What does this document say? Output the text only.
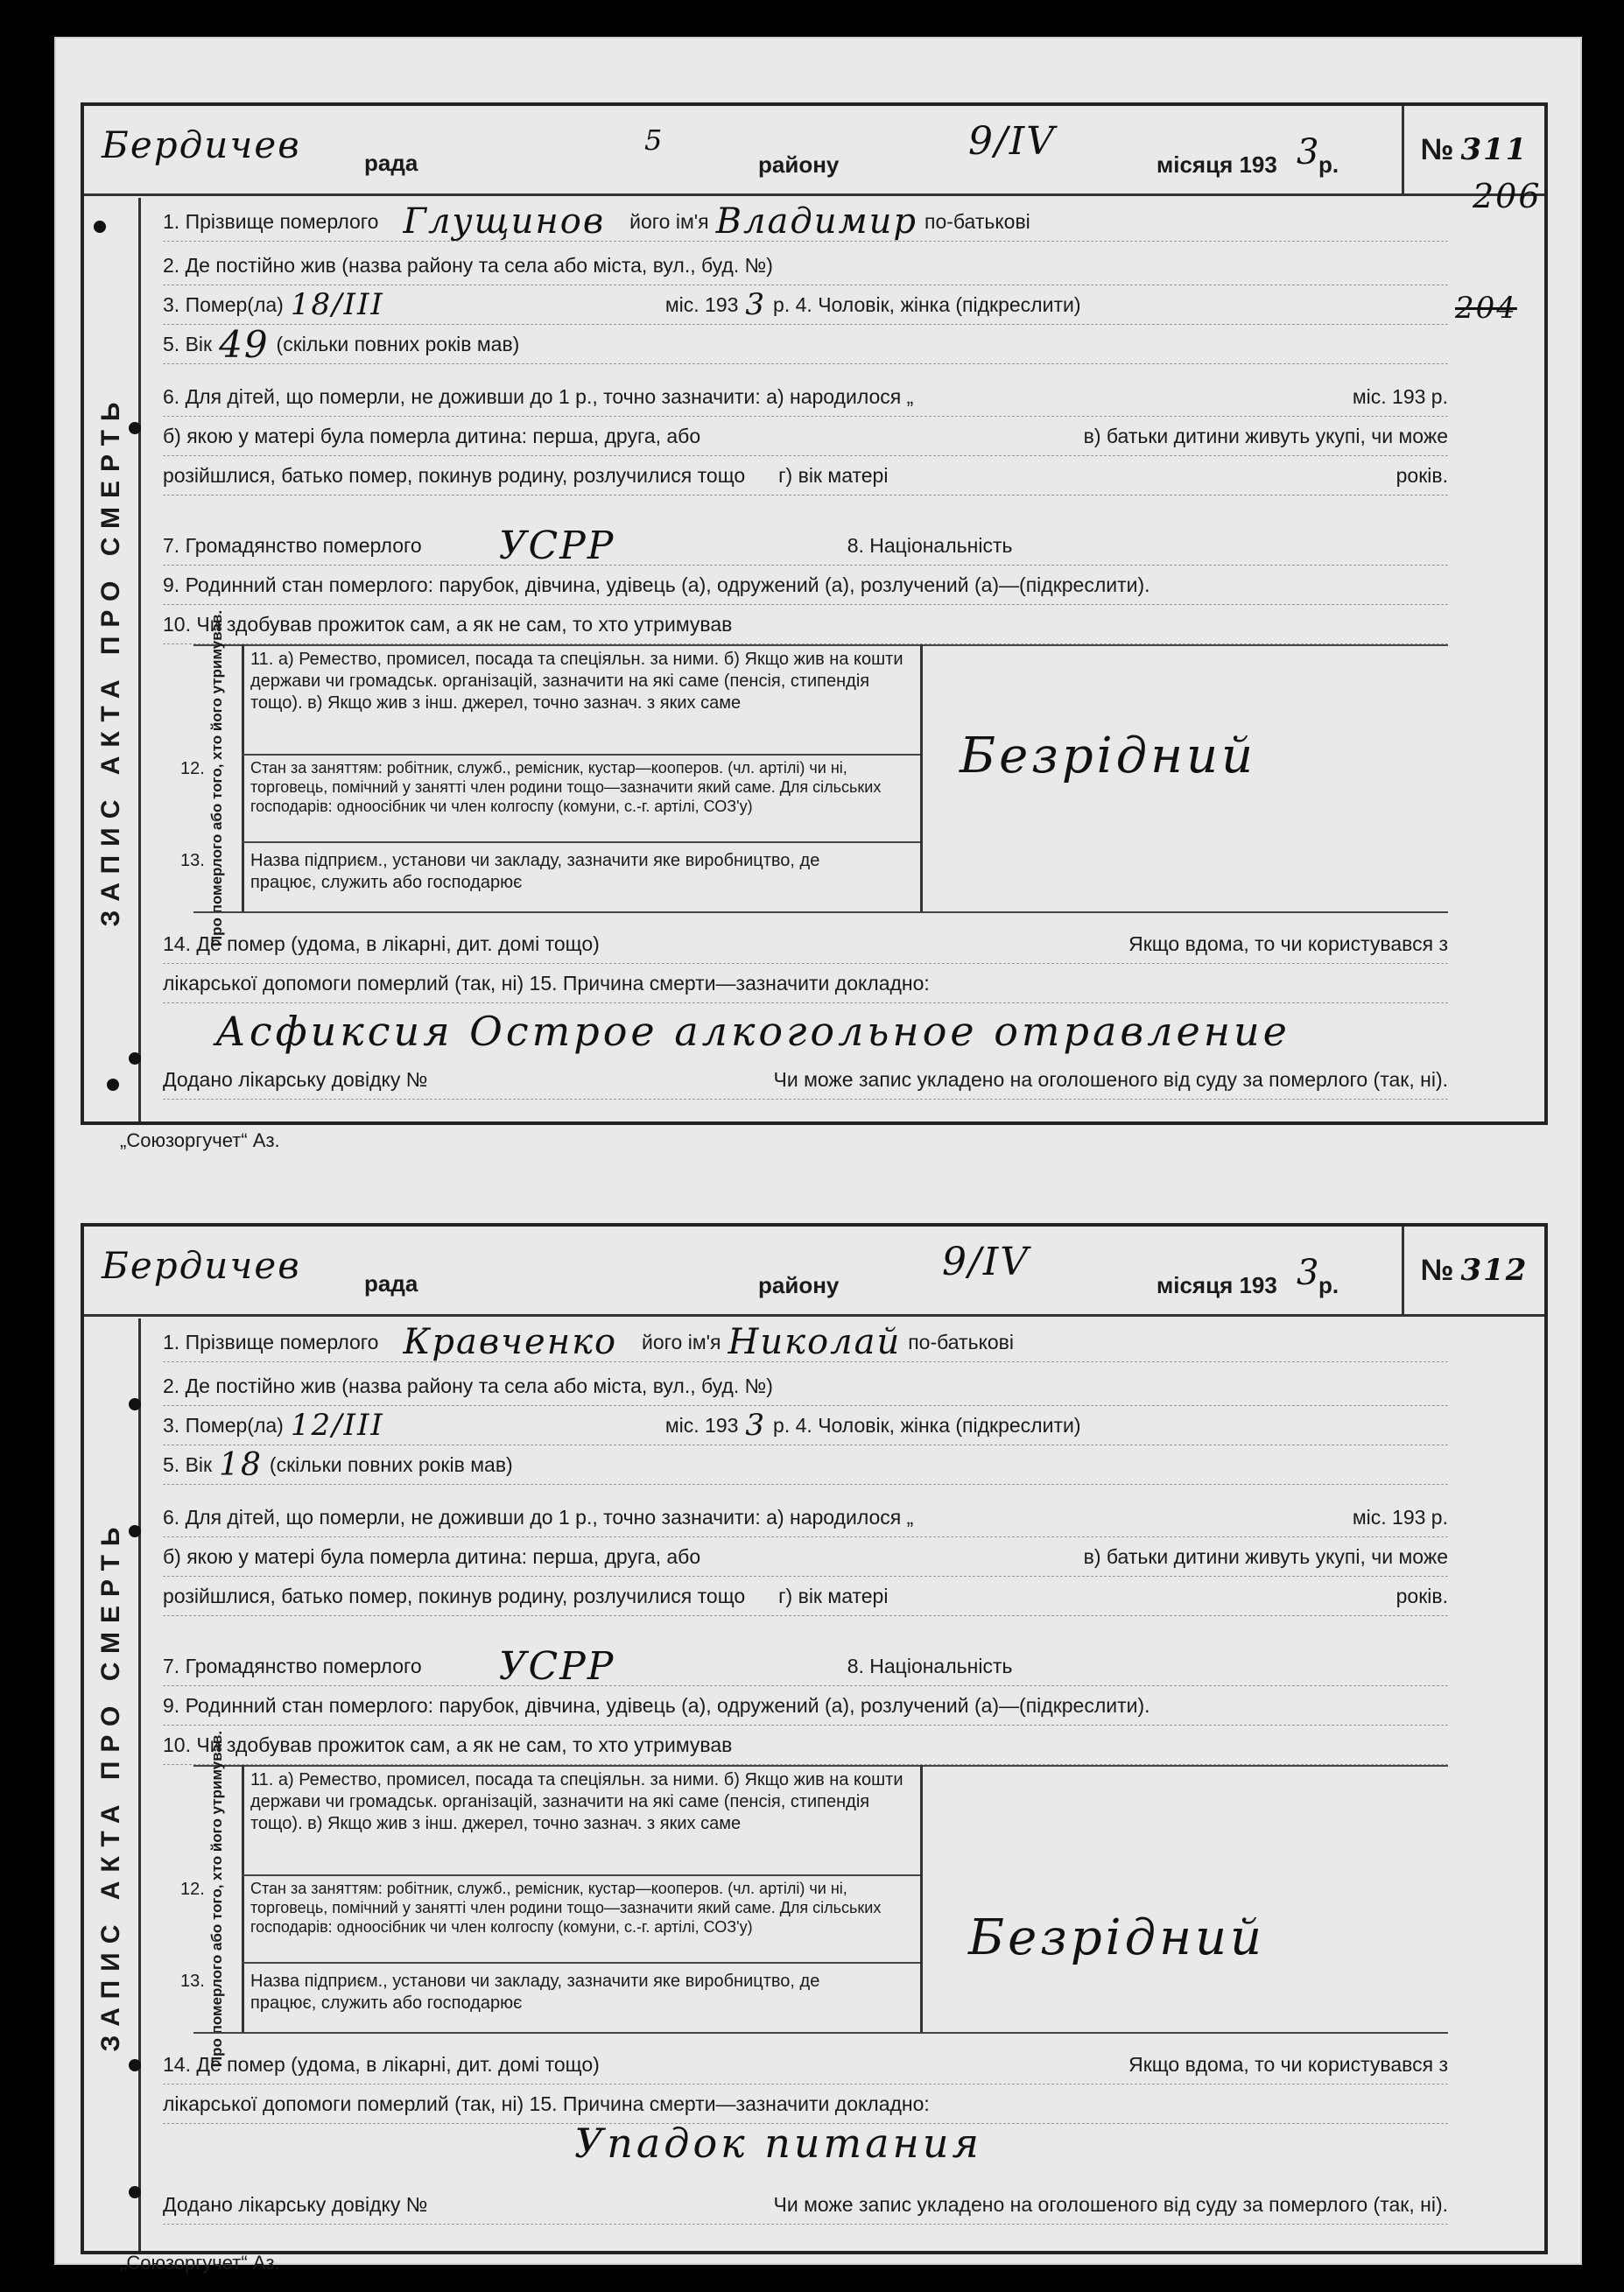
Бердичев	рада
5
району
9/IV
місяця 193 3
р.	№ 311
ЗАПИС АКТА ПРО СМЕРТЬ
1. Прізвище померлого Глущинов його ім'я Владимир по-батькові
2. Де постійно жив (назва району та села або міста, вул., буд. №)
3. Помер(ла) 18/III	міс. 193 3 р. 4. Чоловік, жінка (підкреслити)
5. Вік 49 (скільки повних років мав)
6. Для дітей, що померли, не доживши до 1 р., точно зазначити: а) народилося „	міс. 193 р.
б) якою у матері була померла дитина: перша, друга, або	в) батьки дитини живуть укупі, чи може
розійшлися, батько помер, покинув родину, розлучилися тощо г) вік матері	років.
7. Громадянство померлого УСРР	8. Національність
9. Родинний стан померлого: парубок, дівчина, удівець (а), одружений (а), розлучений (а)—(підкреслити).
10. Чи здобував прожиток сам, а як не сам, то хто утримував
Про померлого або того, хто його утримував. 11. а) Ремество, промисел, посада та спеціяльн. за ними. б) Якщо жив на кошти держави чи громадськ. організацій, зазначити на які саме (пенсія, стипендія тощо). в) Якщо жив з інш. джерел, точно зазнач. з яких саме
12.	Стан за заняттям: робітник, служб., ремісник, кустар—кооперов. (чл. артілі) чи ні, торговець, помічний у занятті член родини тощо—зазначити який саме. Для сільських господарів: одноосібник чи член колгоспу (комуни, с.-г. артілі, СОЗ'у)
13.	Назва підприєм., установи чи закладу, зазначити яке виробництво, де працює, служить або господарює
Безрідний
14. Де помер (удома, в лікарні, дит. домі тощо)	Якщо вдома, то чи користувався з
лікарської допомоги померлий (так, ні) 15. Причина смерти—зазначити докладно:
Асфиксия Острое алкогольное отравление
Додано лікарську довідку №	Чи може запис укладено на оголошеного від суду за померлого (так, ні).
206
204
„Союзоргучет“ Аз.
Бердичев	рада	району
9/IV
місяця 193 3
р.	№ 312
ЗАПИС АКТА ПРО СМЕРТЬ
1. Прізвище померлого Кравченко його ім'я Николай по-батькові
2. Де постійно жив (назва району та села або міста, вул., буд. №)
3. Помер(ла) 12/III	міс. 193 3 р. 4. Чоловік, жінка (підкреслити)
5. Вік 18 (скільки повних років мав)
6. Для дітей, що померли, не доживши до 1 р., точно зазначити: а) народилося „	міс. 193 р.
б) якою у матері була померла дитина: перша, друга, або	в) батьки дитини живуть укупі, чи може
розійшлися, батько помер, покинув родину, розлучилися тощо г) вік матері	років.
7. Громадянство померлого УСРР	8. Національність
9. Родинний стан померлого: парубок, дівчина, удівець (а), одружений (а), розлучений (а)—(підкреслити).
10. Чи здобував прожиток сам, а як не сам, то хто утримував
Про померлого або того, хто його утримував. 11. а) Ремество, промисел, посада та спеціяльн. за ними. б) Якщо жив на кошти держави чи громадськ. організацій, зазначити на які саме (пенсія, стипендія тощо). в) Якщо жив з інш. джерел, точно зазнач. з яких саме
12.	Стан за заняттям: робітник, служб., ремісник, кустар—кооперов. (чл. артілі) чи ні, торговець, помічний у занятті член родини тощо—зазначити який саме. Для сільських господарів: одноосібник чи член колгоспу (комуни, с.-г. артілі, СОЗ'у)
13.	Назва підприєм., установи чи закладу, зазначити яке виробництво, де працює, служить або господарює
Безрідний
14. Де помер (удома, в лікарні, дит. домі тощо)	Якщо вдома, то чи користувався з
лікарської допомоги померлий (так, ні) 15. Причина смерти—зазначити докладно:
Упадок питания
Додано лікарську довідку №	Чи може запис укладено на оголошеного від суду за померлого (так, ні).
„Союзоргучет“ Аз.
